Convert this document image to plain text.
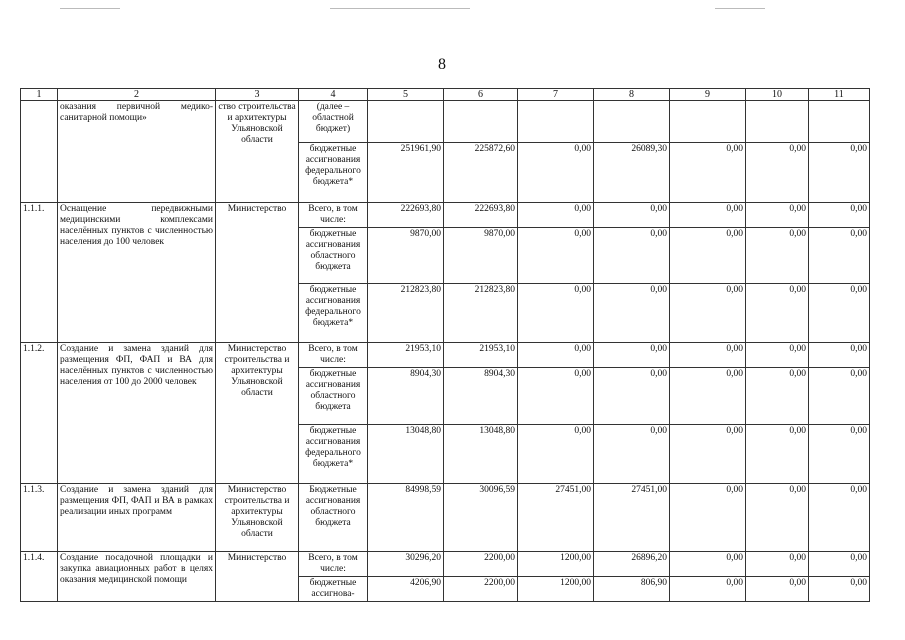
8
1	2	3	4	5	6	7	8	9	10	11
	оказания первичной медико-санитарной помощи»	ство строительства и архитектуры Ульяновской области	(далее – областной бюджет)							
			бюджетные ассигнования федерального бюджета*	251961,90	225872,60	0,00	26089,30	0,00	0,00	0,00
1.1.1.	Оснащение передвижными медицинскими комплексами населённых пунктов с численностью населения до 100 человек	Министерство	Всего, в том числе:	222693,80	222693,80	0,00	0,00	0,00	0,00	0,00
			бюджетные ассигнования областного бюджета	9870,00	9870,00	0,00	0,00	0,00	0,00	0,00
			бюджетные ассигнования федерального бюджета*	212823,80	212823,80	0,00	0,00	0,00	0,00	0,00
1.1.2.	Создание и замена зданий для размещения ФП, ФАП и ВА для населённых пунктов с численностью населения от 100 до 2000 человек	Министерство строительства и архитектуры Ульяновской области	Всего, в том числе:	21953,10	21953,10	0,00	0,00	0,00	0,00	0,00
			бюджетные ассигнования областного бюджета	8904,30	8904,30	0,00	0,00	0,00	0,00	0,00
			бюджетные ассигнования федерального бюджета*	13048,80	13048,80	0,00	0,00	0,00	0,00	0,00
1.1.3.	Создание и замена зданий для размещения ФП, ФАП и ВА в рамках реализации иных программ	Министерство строительства и архитектуры Ульяновской области	Бюджетные ассигнования областного бюджета	84998,59	30096,59	27451,00	27451,00	0,00	0,00	0,00
1.1.4.	Создание посадочной площадки и закупка авиационных работ в целях оказания медицинской помощи	Министерство	Всего, в том числе:	30296,20	2200,00	1200,00	26896,20	0,00	0,00	0,00
			бюджетные ассигнова-	4206,90	2200,00	1200,00	806,90	0,00	0,00	0,00
